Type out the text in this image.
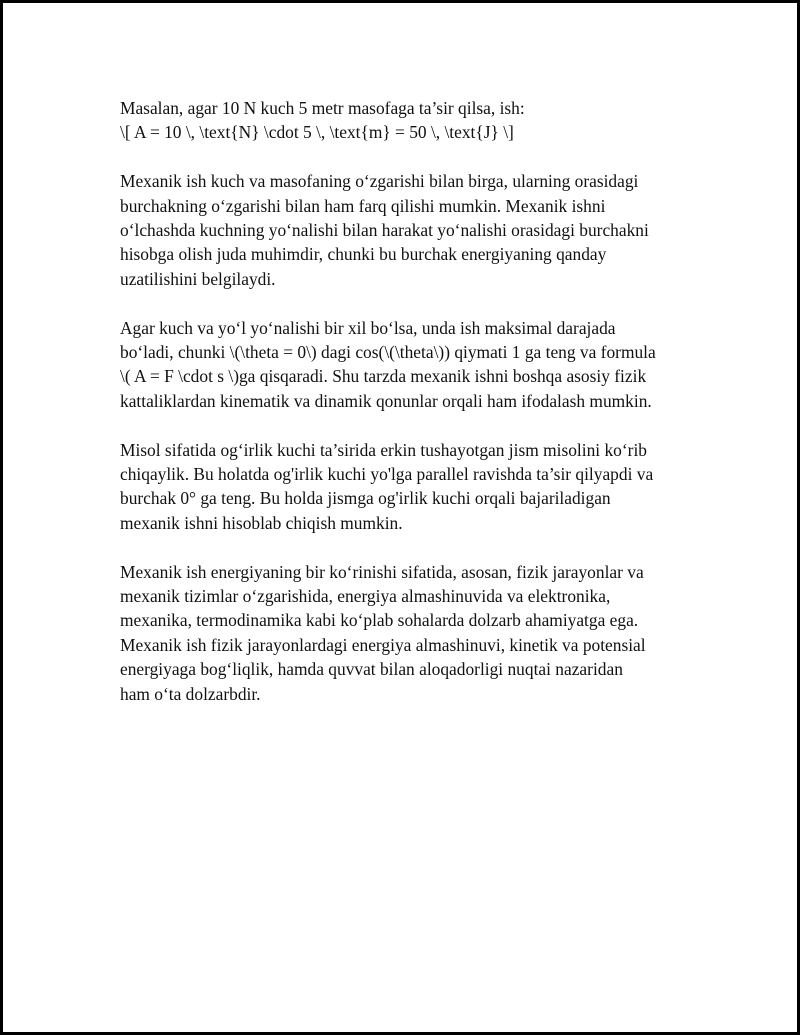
Masalan, agar 10 N kuch 5 metr masofaga ta’sir qilsa, ish:
\[ A = 10 \, \text{N} \cdot 5 \, \text{m} = 50 \, \text{J} \]

Mexanik ish kuch va masofaning o‘zgarishi bilan birga, ularning orasidagi
burchakning o‘zgarishi bilan ham farq qilishi mumkin. Mexanik ishni
o‘lchashda kuchning yo‘nalishi bilan harakat yo‘nalishi orasidagi burchakni
hisobga olish juda muhimdir, chunki bu burchak energiyaning qanday
uzatilishini belgilaydi.

Agar kuch va yo‘l yo‘nalishi bir xil bo‘lsa, unda ish maksimal darajada
bo‘ladi, chunki \(\theta = 0\) dagi cos(\(\theta\)) qiymati 1 ga teng va formula
\( A = F \cdot s \)ga qisqaradi. Shu tarzda mexanik ishni boshqa asosiy fizik
kattaliklardan kinematik va dinamik qonunlar orqali ham ifodalash mumkin.

Misol sifatida og‘irlik kuchi ta’sirida erkin tushayotgan jism misolini ko‘rib
chiqaylik. Bu holatda og'irlik kuchi yo'lga parallel ravishda ta’sir qilyapdi va
burchak 0° ga teng. Bu holda jismga og'irlik kuchi orqali bajariladigan
mexanik ishni hisoblab chiqish mumkin.

Mexanik ish energiyaning bir ko‘rinishi sifatida, asosan, fizik jarayonlar va
mexanik tizimlar o‘zgarishida, energiya almashinuvida va elektronika,
mexanika, termodinamika kabi ko‘plab sohalarda dolzarb ahamiyatga ega.
Mexanik ish fizik jarayonlardagi energiya almashinuvi, kinetik va potensial
energiyaga bog‘liqlik, hamda quvvat bilan aloqadorligi nuqtai nazaridan
ham o‘ta dolzarbdir.
